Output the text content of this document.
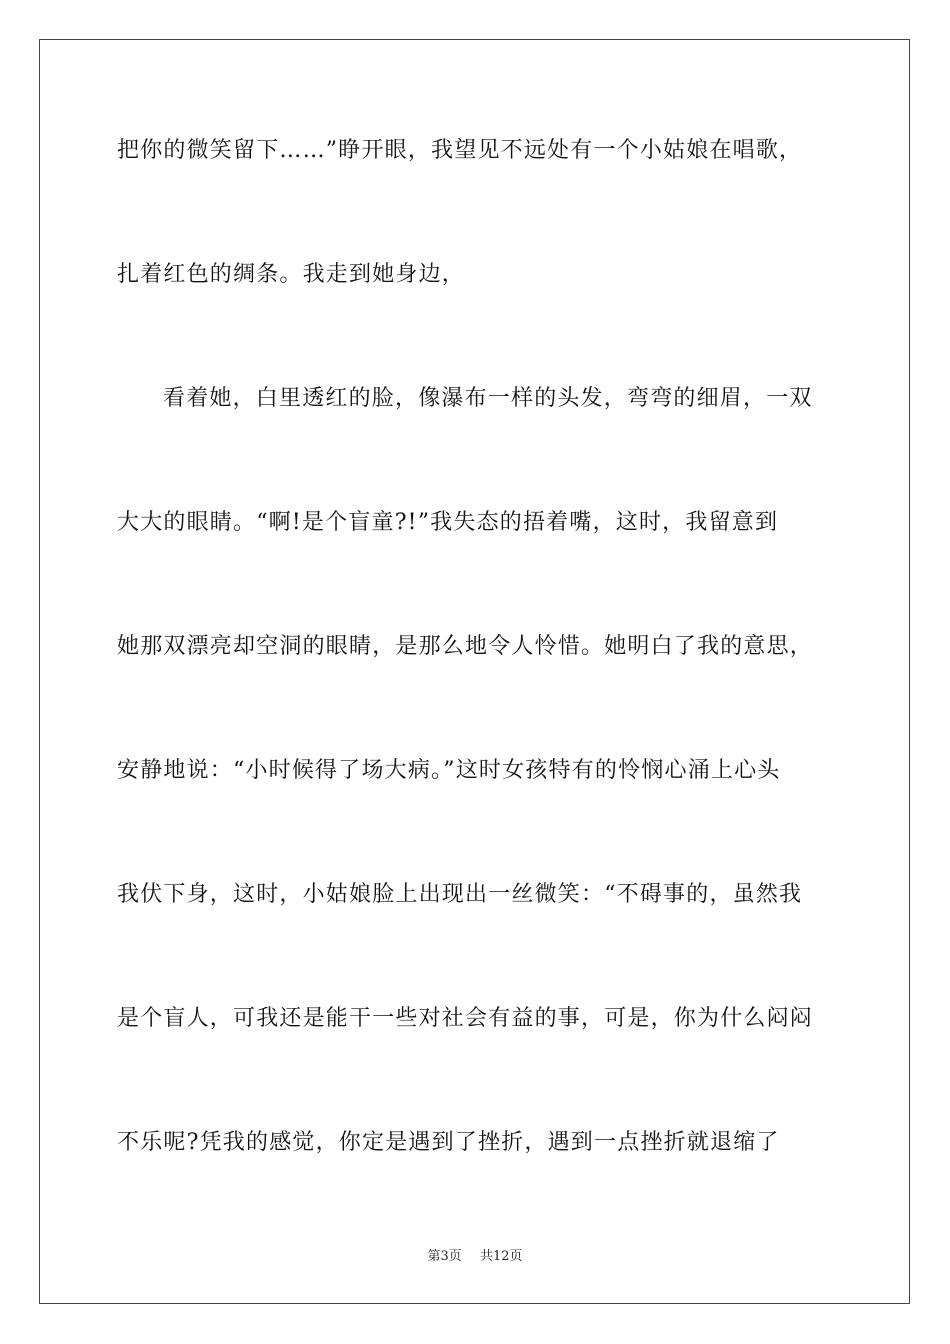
把你的微笑留下……”睁开眼，我望见不远处有一个小姑娘在唱歌，
扎着红色的绸条。我走到她身边，
看着她，白里透红的脸，像瀑布一样的头发，弯弯的细眉，一双
大大的眼睛。“啊!是个盲童?!”我失态的捂着嘴，这时，我留意到
她那双漂亮却空洞的眼睛，是那么地令人怜惜。她明白了我的意思，
安静地说：“小时候得了场大病。”这时女孩特有的怜悯心涌上心头
我伏下身，这时，小姑娘脸上出现出一丝微笑：“不碍事的，虽然我
是个盲人，可我还是能干一些对社会有益的事，可是，你为什么闷闷
不乐呢?凭我的感觉，你定是遇到了挫折，遇到一点挫折就退缩了
第3页 共12页
